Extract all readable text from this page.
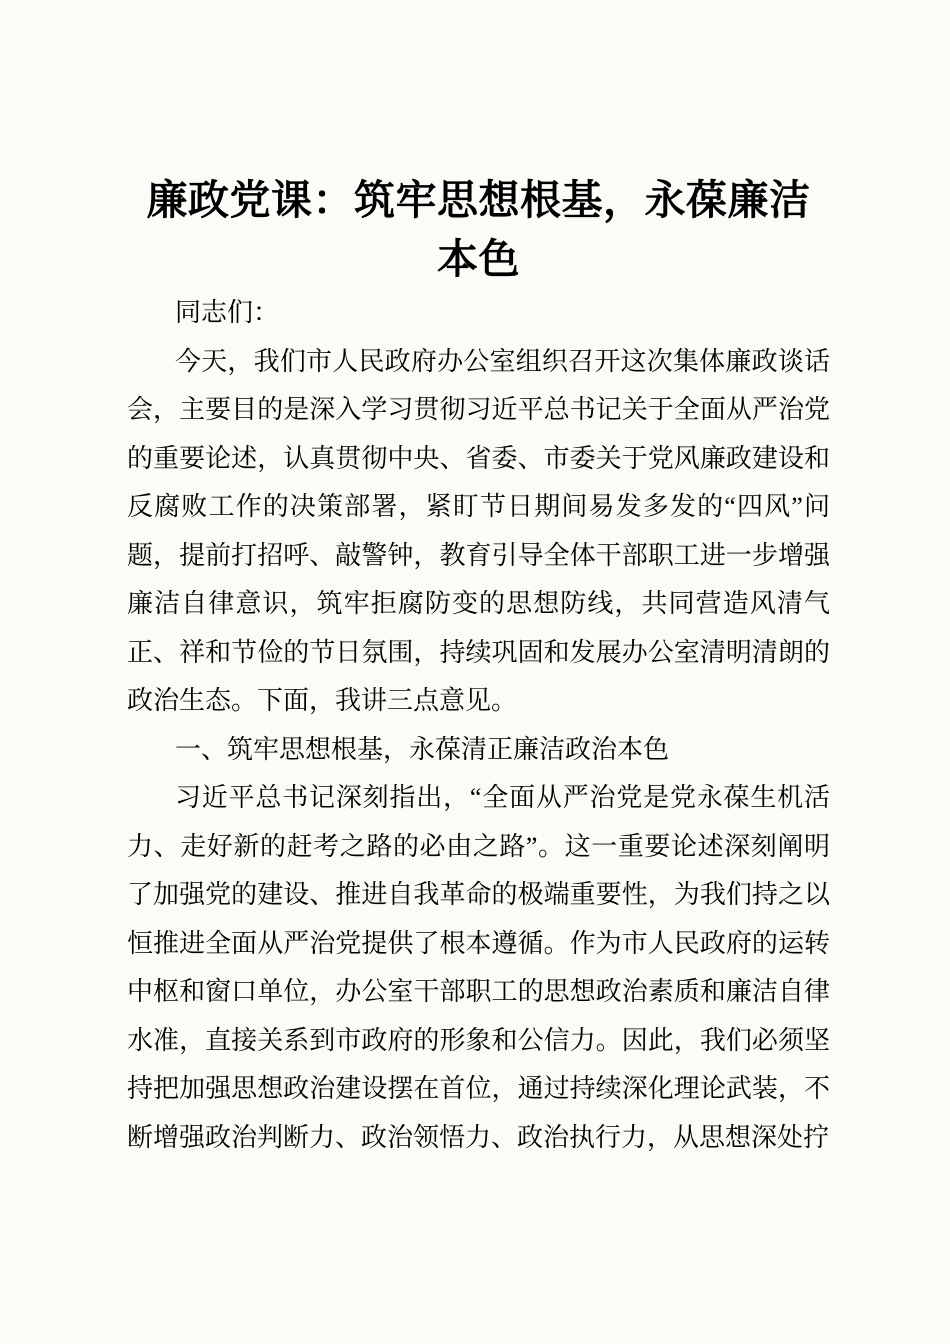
廉政党课：筑牢思想根基，永葆廉洁本色

同志们：

今天，我们市人民政府办公室组织召开这次集体廉政谈话会，主要目的是深入学习贯彻习近平总书记关于全面从严治党的重要论述，认真贯彻中央、省委、市委关于党风廉政建设和反腐败工作的决策部署，紧盯节日期间易发多发的“四风”问题，提前打招呼、敲警钟，教育引导全体干部职工进一步增强廉洁自律意识，筑牢拒腐防变的思想防线，共同营造风清气正、祥和节俭的节日氛围，持续巩固和发展办公室清明清朗的政治生态。下面，我讲三点意见。

一、筑牢思想根基，永葆清正廉洁政治本色

习近平总书记深刻指出，“全面从严治党是党永葆生机活力、走好新的赶考之路的必由之路”。这一重要论述深刻阐明了加强党的建设、推进自我革命的极端重要性，为我们持之以恒推进全面从严治党提供了根本遵循。作为市人民政府的运转中枢和窗口单位，办公室干部职工的思想政治素质和廉洁自律水准，直接关系到市政府的形象和公信力。因此，我们必须坚持把加强思想政治建设摆在首位，通过持续深化理论武装，不断增强政治判断力、政治领悟力、政治执行力，从思想深处拧
